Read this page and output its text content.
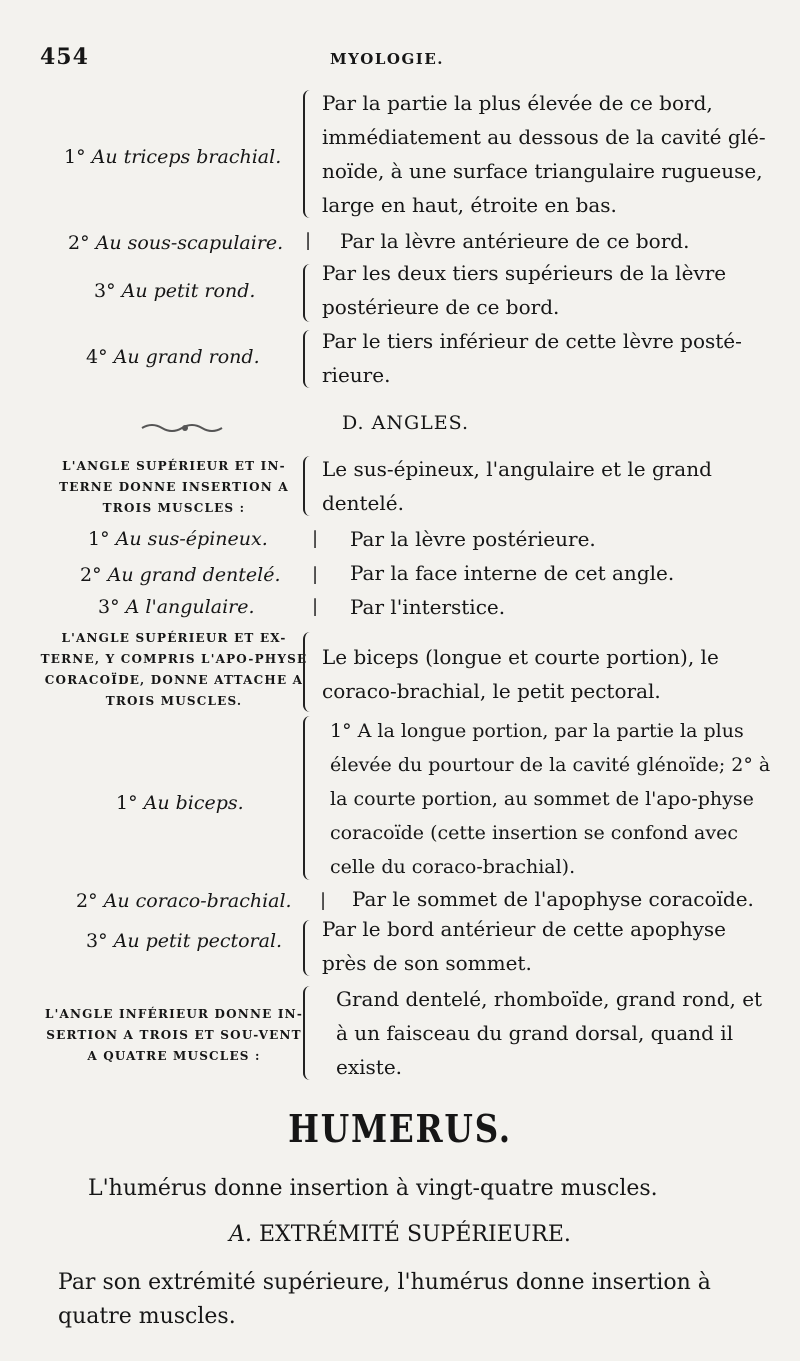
454	MYOLOGIE.
1° Au triceps brachial.
Par la partie la plus élevée de ce bord, immédiatement au dessous de la cavité glé-noïde, à une surface triangulaire rugueuse, large en haut, étroite en bas.
2° Au sous-scapulaire. | Par la lèvre antérieure de ce bord.
3° Au petit rond.
Par les deux tiers supérieurs de la lèvre postérieure de ce bord.
4° Au grand rond.
Par le tiers inférieur de cette lèvre posté-rieure.
D. ANGLES.
L'ANGLE SUPÉRIEUR ET IN-TERNE DONNE INSERTION A TROIS MUSCLES :
Le sus-épineux, l'angulaire et le grand dentelé.
1° Au sus-épineux. | Par la lèvre postérieure.
2° Au grand dentelé. | Par la face interne de cet angle.
3° A l'angulaire.	| Par l'interstice.
L'ANGLE SUPÉRIEUR ET EX-TERNE, Y COMPRIS L'APO-PHYSE CORACOÏDE, DONNE ATTACHE A TROIS MUSCLES.
Le biceps (longue et courte portion), le coraco-brachial, le petit pectoral.
1° Au biceps.
1° A la longue portion, par la partie la plus élevée du pourtour de la cavité glénoïde; 2° à la courte portion, au sommet de l'apo-physe coracoïde (cette insertion se confond avec celle du coraco-brachial).
2° Au coraco-brachial. | Par le sommet de l'apophyse coracoïde.
3° Au petit pectoral. Par le bord antérieur de cette apophyse près de son sommet.
L'ANGLE INFÉRIEUR DONNE IN-SERTION A TROIS ET SOU-VENT A QUATRE MUSCLES :
Grand dentelé, rhomboïde, grand rond, et à un faisceau du grand dorsal, quand il existe.
HUMERUS.
L'humérus donne insertion à vingt-quatre muscles.
A. EXTRÉMITÉ SUPÉRIEURE.
Par son extrémité supérieure, l'humérus donne insertion à quatre muscles.
